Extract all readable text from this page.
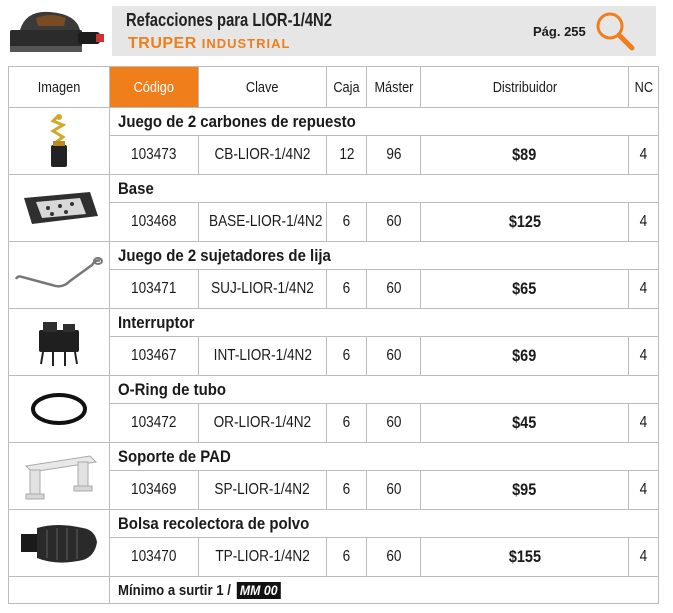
Refacciones para LIOR-1/4N2
TRUPER INDUSTRIAL
Pág. 255
Imagen	Código	Clave	Caja	Máster	Distribuidor	NC

	Juego de 2 carbones de repuesto					
	103473	CB-LIOR-1/4N2	12	96	$89	4

	Base					
	103468	BASE-LIOR-1/4N2	6	60	$125	4

	Juego de 2 sujetadores de lija					
	103471	SUJ-LIOR-1/4N2	6	60	$65	4

	Interruptor					
	103467	INT-LIOR-1/4N2	6	60	$69	4

	O-Ring de tubo					
	103472	OR-LIOR-1/4N2	6	60	$45	4

	Soporte de PAD					
	103469	SP-LIOR-1/4N2	6	60	$95	4

	Bolsa recolectora de polvo					
	103470	TP-LIOR-1/4N2	6	60	$155	4
	Mínimo a surtir 1 / MM 00					
